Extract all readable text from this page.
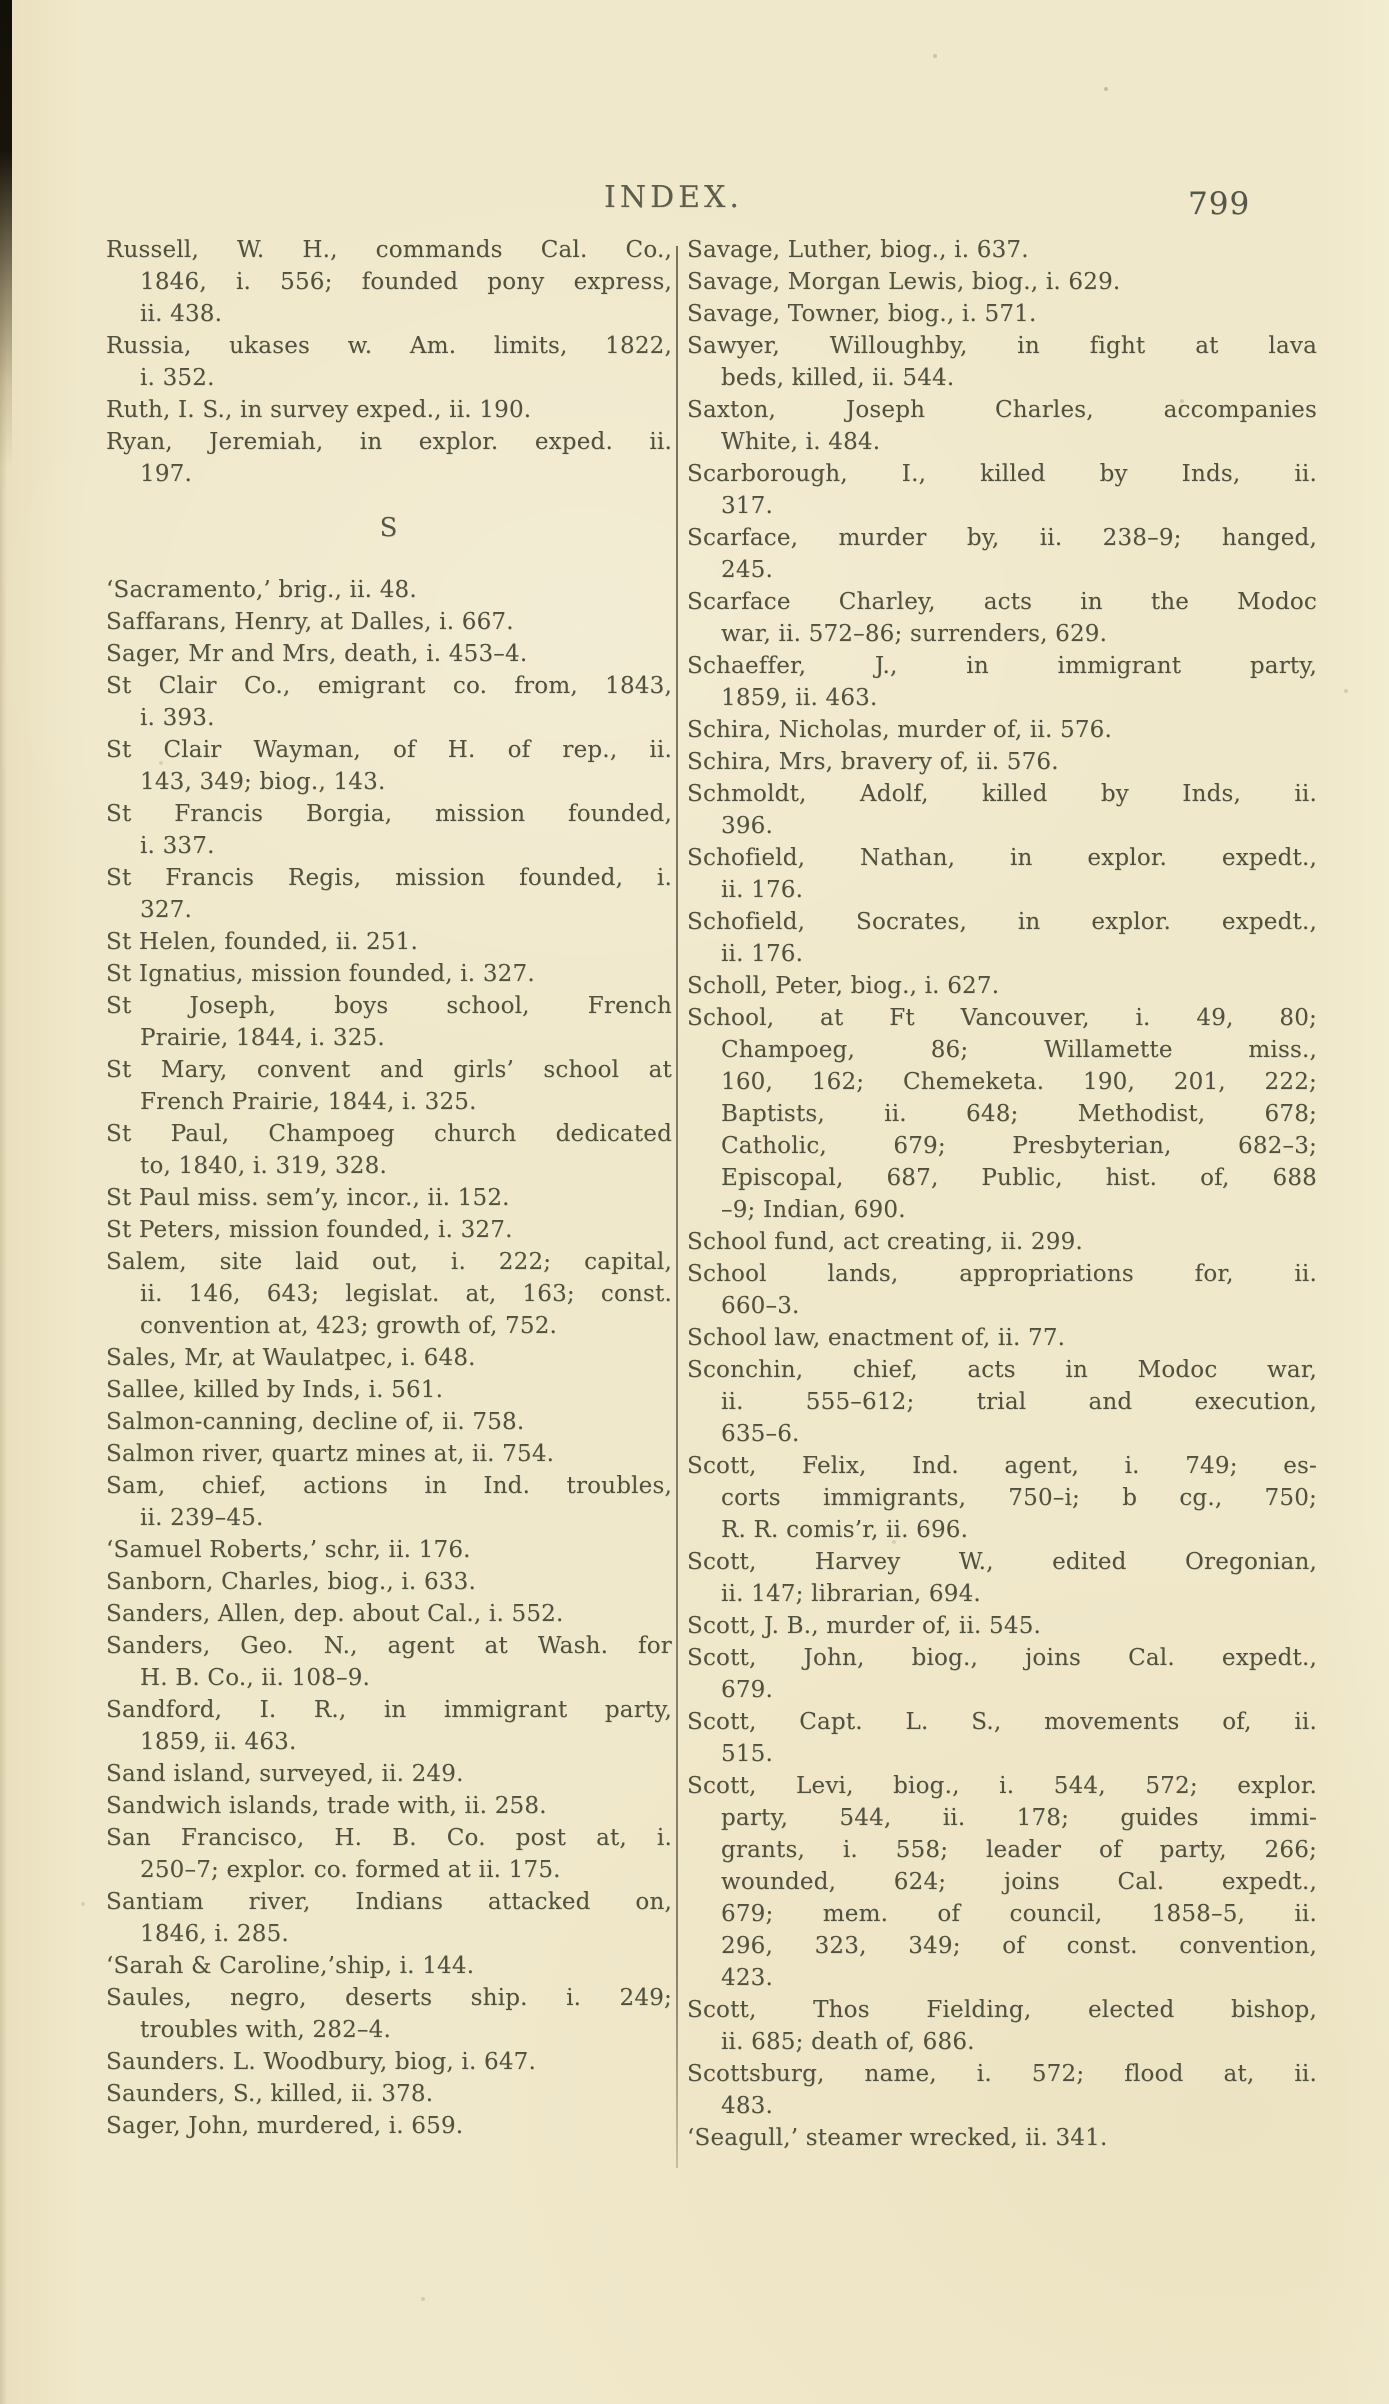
INDEX.	799
Russell, W. H., commands Cal. Co.,
1846, i. 556; founded pony express,
ii. 438.
Russia, ukases w. Am. limits, 1822,
i. 352.
Ruth, I. S., in survey exped., ii. 190.
Ryan, Jeremiah, in explor. exped. ii.
197.
S
‘Sacramento,’ brig., ii. 48.
Saffarans, Henry, at Dalles, i. 667.
Sager, Mr and Mrs, death, i. 453–4.
St Clair Co., emigrant co. from, 1843,
i. 393.
St Clair Wayman, of H. of rep., ii.
143, 349; biog., 143.
St Francis Borgia, mission founded,
i. 337.
St Francis Regis, mission founded, i.
327.
St Helen, founded, ii. 251.
St Ignatius, mission founded, i. 327.
St Joseph, boys school, French
Prairie, 1844, i. 325.
St Mary, convent and girls’ school at
French Prairie, 1844, i. 325.
St Paul, Champoeg church dedicated
to, 1840, i. 319, 328.
St Paul miss. sem’y, incor., ii. 152.
St Peters, mission founded, i. 327.
Salem, site laid out, i. 222; capital,
ii. 146, 643; legislat. at, 163; const.
convention at, 423; growth of, 752.
Sales, Mr, at Waulatpec, i. 648.
Sallee, killed by Inds, i. 561.
Salmon-canning, decline of, ii. 758.
Salmon river, quartz mines at, ii. 754.
Sam, chief, actions in Ind. troubles,
ii. 239–45.
‘Samuel Roberts,’ schr, ii. 176.
Sanborn, Charles, biog., i. 633.
Sanders, Allen, dep. about Cal., i. 552.
Sanders, Geo. N., agent at Wash. for
H. B. Co., ii. 108–9.
Sandford, I. R., in immigrant party,
1859, ii. 463.
Sand island, surveyed, ii. 249.
Sandwich islands, trade with, ii. 258.
San Francisco, H. B. Co. post at, i.
250–7; explor. co. formed at ii. 175.
Santiam river, Indians attacked on,
1846, i. 285.
‘Sarah & Caroline,’ship, i. 144.
Saules, negro, deserts ship. i. 249;
troubles with, 282–4.
Saunders. L. Woodbury, biog, i. 647.
Saunders, S., killed, ii. 378.
Sager, John, murdered, i. 659.
Savage, Luther, biog., i. 637.
Savage, Morgan Lewis, biog., i. 629.
Savage, Towner, biog., i. 571.
Sawyer, Willoughby, in fight at lava
beds, killed, ii. 544.
Saxton, Joseph Charles, accompanies
White, i. 484.
Scarborough, I., killed by Inds, ii.
317.
Scarface, murder by, ii. 238–9; hanged,
245.
Scarface Charley, acts in the Modoc
war, ii. 572–86; surrenders, 629.
Schaeffer, J., in immigrant party,
1859, ii. 463.
Schira, Nicholas, murder of, ii. 576.
Schira, Mrs, bravery of, ii. 576.
Schmoldt, Adolf, killed by Inds, ii.
396.
Schofield, Nathan, in explor. expedt.,
ii. 176.
Schofield, Socrates, in explor. expedt.,
ii. 176.
Scholl, Peter, biog., i. 627.
School, at Ft Vancouver, i. 49, 80;
Champoeg, 86; Willamette miss.,
160, 162; Chemeketa. 190, 201, 222;
Baptists, ii. 648; Methodist, 678;
Catholic, 679; Presbyterian, 682–3;
Episcopal, 687, Public, hist. of, 688
–9; Indian, 690.
School fund, act creating, ii. 299.
School lands, appropriations for, ii.
660–3.
School law, enactment of, ii. 77.
Sconchin, chief, acts in Modoc war,
ii. 555–612; trial and execution,
635–6.
Scott, Felix, Ind. agent, i. 749; es-
corts immigrants, 750–i; b cg., 750;
R. R. comis’r, ii. 696.
Scott, Harvey W., edited Oregonian,
ii. 147; librarian, 694.
Scott, J. B., murder of, ii. 545.
Scott, John, biog., joins Cal. expedt.,
679.
Scott, Capt. L. S., movements of, ii.
515.
Scott, Levi, biog., i. 544, 572; explor.
party, 544, ii. 178; guides immi-
grants, i. 558; leader of party, 266;
wounded, 624; joins Cal. expedt.,
679; mem. of council, 1858–5, ii.
296, 323, 349; of const. convention,
423.
Scott, Thos Fielding, elected bishop,
ii. 685; death of, 686.
Scottsburg, name, i. 572; flood at, ii.
483.
‘Seagull,’ steamer wrecked, ii. 341.
